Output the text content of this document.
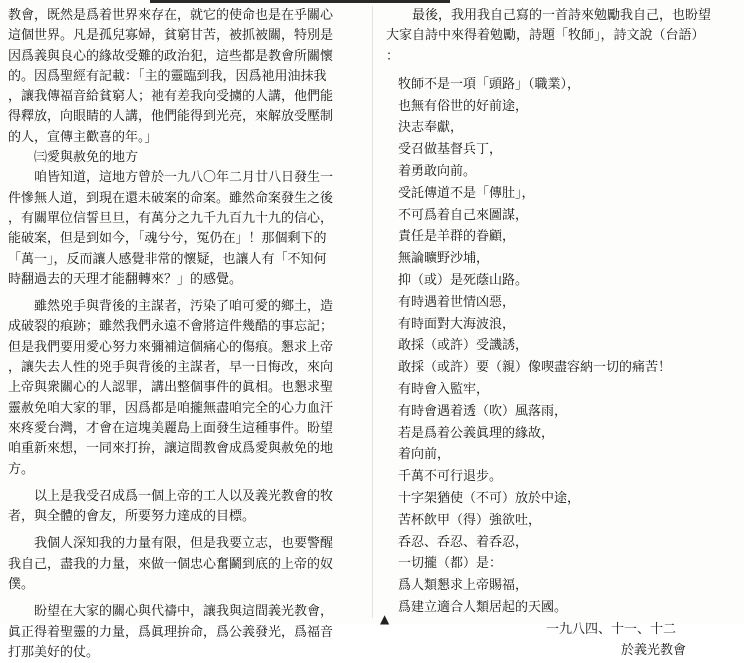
教會，既然是爲着世界來存在，就它的使命也是在乎關心
這個世界。凡是孤兒寡婦，貧窮甘苦，被抓被關，特別是
因爲義與良心的緣故受難的政治犯，這些都是教會所關懷
的。因爲聖經有記載：「主的靈臨到我，因爲祂用油抹我
，讓我傳福音給貧窮人；祂有差我向受擄的人講，他們能
得釋放，向眼睛的人講，他們能得到光亮，來解放受壓制
的人，宣傳主歡喜的年。」
㈢愛與赦免的地方
咱皆知道，這地方曾於一九八〇年二月廿八日發生一
件慘無人道，到現在還未破案的命案。雖然命案發生之後
，有關單位信誓旦旦，有萬分之九千九百九十九的信心，
能破案，但是到如今，「魂兮兮，冤仍在」！那個剩下的
「萬一」，反而讓人感覺非常的懷疑，也讓人有「不知何
時翻過去的天理才能翻轉來？」的感覺。
雖然兇手與背後的主謀者，汚染了咱可愛的鄉土，造
成破裂的痕跡；雖然我們永遠不會將這件幾酷的事忘記；
但是我們要用愛心努力來彌補這個痛心的傷痕。懇求上帝
，讓失去人性的兇手與背後的主謀者，早一日悔改，來向
上帝與衆關心的人認罪，講出整個事件的眞相。也懇求聖
靈赦免咱大家的罪，因爲都是咱攏無盡咱完全的心力血汗
來疼愛台灣，才會在這塊美麗島上面發生這種事件。盼望
咱重新來想，一同來打拚，讓這間教會成爲愛與赦免的地
方。
以上是我受召成爲一個上帝的工人以及義光教會的牧
者，與全體的會友，所要努力達成的目標。
我個人深知我的力量有限，但是我要立志，也要警醒
我自己，盡我的力量，來做一個忠心奮鬬到底的上帝的奴
僕。
盼望在大家的關心與代禱中，讓我與這間義光教會，
眞正得着聖靈的力量，爲眞理拚命，爲公義發光，爲福音
打那美好的仗。
最後，我用我自己寫的一首詩來勉勵我自己，也盼望
大家自詩中來得着勉勵，詩題「牧師」，詩文說（台語）
：
牧師不是一項「頭路」（職業），
也無有俗世的好前途，
決志奉獻，
受召做基督兵丁，
着勇敢向前。
受託傳道不是「傳肚」，
不可爲着自己來圖謀，
責任是羊群的眷顧，
無論曠野沙埔，
抑（或）是死蔭山路。
有時遇着世情凶惡，
有時面對大海波浪，
敢採（或許）受譏誘，
敢採（或許）要（親）像喫盡容納一切的痛苦！
有時會入監牢，
有時會遇着透（吹）風落雨，
若是爲着公義眞理的緣故，
着向前，
千萬不可行退步。
十字架猶使（不可）放於中途，
苦杯飲甲（得）強欲吐，
呑忍、呑忍、着呑忍，
一切攏（都）是：
爲人類懇求上帝賜福，
爲建立適合人類居起的天國。
一九八四、十一、十二
於義光教會
▲
